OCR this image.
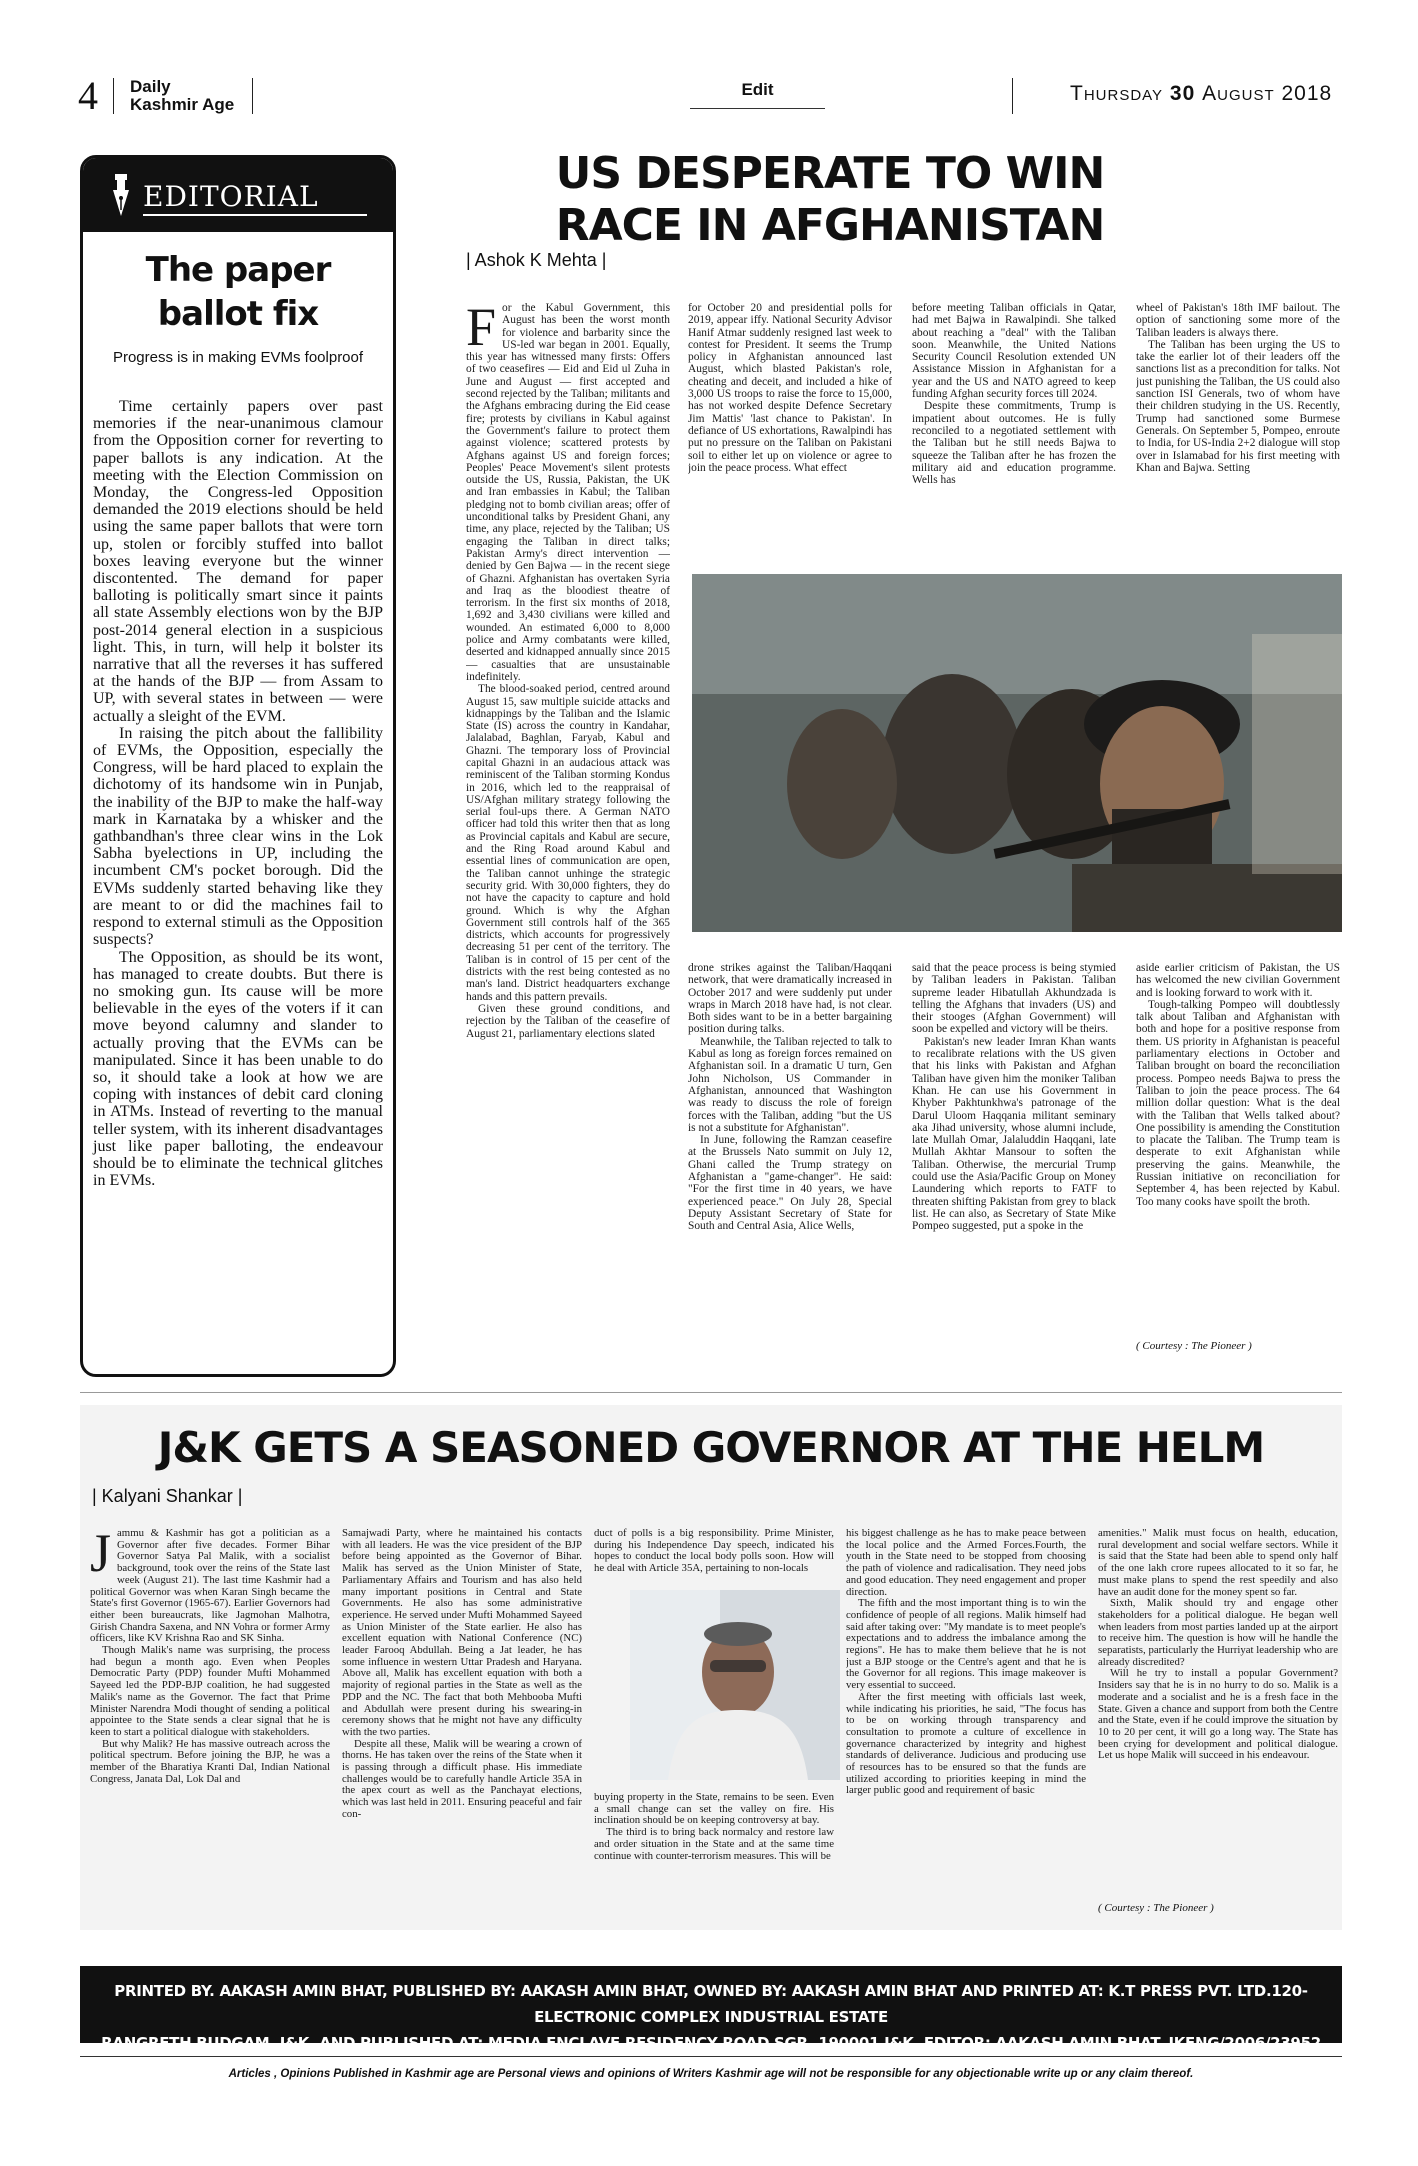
4 Daily
Kashmir Age
Edit	Thursday 30 August 2018
EDITORIAL
The paper ballot fix
Progress is in making EVMs foolproof

Time certainly papers over past memories if the near-unanimous clamour from the Opposition corner for reverting to paper ballots is any indication. At the meeting with the Election Commission on Monday, the Congress-led Opposition demanded the 2019 elections should be held using the same paper ballots that were torn up, stolen or forcibly stuffed into ballot boxes leaving everyone but the winner discontented. The demand for paper balloting is politically smart since it paints all state Assembly elections won by the BJP post-2014 general election in a suspicious light. This, in turn, will help it bolster its narrative that all the reverses it has suffered at the hands of the BJP — from Assam to UP, with several states in between — were actually a sleight of the EVM.

In raising the pitch about the fallibility of EVMs, the Opposition, especially the Congress, will be hard placed to explain the dichotomy of its handsome win in Punjab, the inability of the BJP to make the half-way mark in Karnataka by a whisker and the gathbandhan's three clear wins in the Lok Sabha byelections in UP, including the incumbent CM's pocket borough. Did the EVMs suddenly started behaving like they are meant to or did the machines fail to respond to external stimuli as the Opposition suspects?

The Opposition, as should be its wont, has managed to create doubts. But there is no smoking gun. Its cause will be more believable in the eyes of the voters if it can move beyond calumny and slander to actually proving that the EVMs can be manipulated. Since it has been unable to do so, it should take a look at how we are coping with instances of debit card cloning in ATMs. Instead of reverting to the manual teller system, with its inherent disadvantages just like paper balloting, the endeavour should be to eliminate the technical glitches in EVMs.

US DESPERATE TO WIN
RACE IN AFGHANISTAN
| Ashok K Mehta |
F or the Kabul Government, this August has been the worst month for violence and barbarity since the US-led war began in 2001. Equally, this year has witnessed many firsts: Offers of two ceasefires — Eid and Eid ul Zuha in June and August — first accepted and second rejected by the Taliban; militants and the Afghans embracing during the Eid cease fire; protests by civilians in Kabul against the Government's failure to protect them against violence; scattered protests by Afghans against US and foreign forces; Peoples' Peace Movement's silent protests outside the US, Russia, Pakistan, the UK and Iran embassies in Kabul; the Taliban pledging not to bomb civilian areas; offer of unconditional talks by President Ghani, any time, any place, rejected by the Taliban; US engaging the Taliban in direct talks; Pakistan Army's direct intervention — denied by Gen Bajwa — in the recent siege of Ghazni. Afghanistan has overtaken Syria and Iraq as the bloodiest theatre of terrorism. In the first six months of 2018, 1,692 and 3,430 civilians were killed and wounded. An estimated 6,000 to 8,000 police and Army combatants were killed, deserted and kidnapped annually since 2015 — casualties that are unsustainable indefinitely.

The blood-soaked period, centred around August 15, saw multiple suicide attacks and kidnappings by the Taliban and the Islamic State (IS) across the country in Kandahar, Jalalabad, Baghlan, Faryab, Kabul and Ghazni. The temporary loss of Provincial capital Ghazni in an audacious attack was reminiscent of the Taliban storming Kondus in 2016, which led to the reappraisal of US/Afghan military strategy following the serial foul-ups there. A German NATO officer had told this writer then that as long as Provincial capitals and Kabul are secure, and the Ring Road around Kabul and essential lines of communication are open, the Taliban cannot unhinge the strategic security grid. With 30,000 fighters, they do not have the capacity to capture and hold ground. Which is why the Afghan Government still controls half of the 365 districts, which accounts for progressively decreasing 51 per cent of the territory. The Taliban is in control of 15 per cent of the districts with the rest being contested as no man's land. District headquarters exchange hands and this pattern prevails.

Given these ground conditions, and rejection by the Taliban of the ceasefire of August 21, parliamentary elections slated

for October 20 and presidential polls for 2019, appear iffy. National Security Advisor Hanif Atmar suddenly resigned last week to contest for President. It seems the Trump policy in Afghanistan announced last August, which blasted Pakistan's role, cheating and deceit, and included a hike of 3,000 US troops to raise the force to 15,000, has not worked despite Defence Secretary Jim Mattis' 'last chance to Pakistan'. In defiance of US exhortations, Rawalpindi has put no pressure on the Taliban on Pakistani soil to either let up on violence or agree to join the peace process. What effect

before meeting Taliban officials in Qatar, had met Bajwa in Rawalpindi. She talked about reaching a "deal" with the Taliban soon. Meanwhile, the United Nations Security Council Resolution extended UN Assistance Mission in Afghanistan for a year and the US and NATO agreed to keep funding Afghan security forces till 2024.

Despite these commitments, Trump is impatient about outcomes. He is fully reconciled to a negotiated settlement with the Taliban but he still needs Bajwa to squeeze the Taliban after he has frozen the military aid and education programme. Wells has

wheel of Pakistan's 18th IMF bailout. The option of sanctioning some more of the Taliban leaders is always there.

The Taliban has been urging the US to take the earlier lot of their leaders off the sanctions list as a precondition for talks. Not just punishing the Taliban, the US could also sanction ISI Generals, two of whom have their children studying in the US. Recently, Trump had sanctioned some Burmese Generals. On September 5, Pompeo, enroute to India, for US-India 2+2 dialogue will stop over in Islamabad for his first meeting with Khan and Bajwa. Setting

drone strikes against the Taliban/Haqqani network, that were dramatically increased in October 2017 and were suddenly put under wraps in March 2018 have had, is not clear. Both sides want to be in a better bargaining position during talks.

Meanwhile, the Taliban rejected to talk to Kabul as long as foreign forces remained on Afghanistan soil. In a dramatic U turn, Gen John Nicholson, US Commander in Afghanistan, announced that Washington was ready to discuss the role of foreign forces with the Taliban, adding "but the US is not a substitute for Afghanistan".

In June, following the Ramzan ceasefire at the Brussels Nato summit on July 12, Ghani called the Trump strategy on Afghanistan a "game-changer". He said: "For the first time in 40 years, we have experienced peace." On July 28, Special Deputy Assistant Secretary of State for South and Central Asia, Alice Wells,

said that the peace process is being stymied by Taliban leaders in Pakistan. Taliban supreme leader Hibatullah Akhundzada is telling the Afghans that invaders (US) and their stooges (Afghan Government) will soon be expelled and victory will be theirs.

Pakistan's new leader Imran Khan wants to recalibrate relations with the US given that his links with Pakistan and Afghan Taliban have given him the moniker Taliban Khan. He can use his Government in Khyber Pakhtunkhwa's patronage of the Darul Uloom Haqqania militant seminary aka Jihad university, whose alumni include, late Mullah Omar, Jalaluddin Haqqani, late Mullah Akhtar Mansour to soften the Taliban. Otherwise, the mercurial Trump could use the Asia/Pacific Group on Money Laundering which reports to FATF to threaten shifting Pakistan from grey to black list. He can also, as Secretary of State Mike Pompeo suggested, put a spoke in the

aside earlier criticism of Pakistan, the US has welcomed the new civilian Government and is looking forward to work with it.

Tough-talking Pompeo will doubtlessly talk about Taliban and Afghanistan with both and hope for a positive response from them. US priority in Afghanistan is peaceful parliamentary elections in October and Taliban brought on board the reconciliation process. Pompeo needs Bajwa to press the Taliban to join the peace process. The 64 million dollar question: What is the deal with the Taliban that Wells talked about? One possibility is amending the Constitution to placate the Taliban. The Trump team is desperate to exit Afghanistan while preserving the gains. Meanwhile, the Russian initiative on reconciliation for September 4, has been rejected by Kabul. Too many cooks have spoilt the broth.

( Courtesy : The Pioneer )
J&K GETS A SEASONED GOVERNOR AT THE HELM
| Kalyani Shankar |
J ammu & Kashmir has got a politician as a Governor after five decades. Former Bihar Governor Satya Pal Malik, with a socialist background, took over the reins of the State last week (August 21). The last time Kashmir had a political Governor was when Karan Singh became the State's first Governor (1965-67). Earlier Governors had either been bureaucrats, like Jagmohan Malhotra, Girish Chandra Saxena, and NN Vohra or former Army officers, like KV Krishna Rao and SK Sinha.

Though Malik's name was surprising, the process had begun a month ago. Even when Peoples Democratic Party (PDP) founder Mufti Mohammed Sayeed led the PDP-BJP coalition, he had suggested Malik's name as the Governor. The fact that Prime Minister Narendra Modi thought of sending a political appointee to the State sends a clear signal that he is keen to start a political dialogue with stakeholders.

But why Malik? He has massive outreach across the political spectrum. Before joining the BJP, he was a member of the Bharatiya Kranti Dal, Indian National Congress, Janata Dal, Lok Dal and

Samajwadi Party, where he maintained his contacts with all leaders. He was the vice president of the BJP before being appointed as the Governor of Bihar. Malik has served as the Union Minister of State, Parliamentary Affairs and Tourism and has also held many important positions in Central and State Governments. He also has some administrative experience. He served under Mufti Mohammed Sayeed as Union Minister of the State earlier. He also has excellent equation with National Conference (NC) leader Farooq Abdullah. Being a Jat leader, he has some influence in western Uttar Pradesh and Haryana. Above all, Malik has excellent equation with both a majority of regional parties in the State as well as the PDP and the NC. The fact that both Mehbooba Mufti and Abdullah were present during his swearing-in ceremony shows that he might not have any difficulty with the two parties.

Despite all these, Malik will be wearing a crown of thorns. He has taken over the reins of the State when it is passing through a difficult phase. His immediate challenges would be to carefully handle Article 35A in the apex court as well as the Panchayat elections, which was last held in 2011. Ensuring peaceful and fair con-

duct of polls is a big responsibility. Prime Minister, during his Independence Day speech, indicated his hopes to conduct the local body polls soon. How will he deal with Article 35A, pertaining to non-locals

buying property in the State, remains to be seen. Even a small change can set the valley on fire. His inclination should be on keeping controversy at bay.

The third is to bring back normalcy and restore law and order situation in the State and at the same time continue with counter-terrorism measures. This will be

his biggest challenge as he has to make peace between the local police and the Armed Forces.Fourth, the youth in the State need to be stopped from choosing the path of violence and radicalisation. They need jobs and good education. They need engagement and proper direction.

The fifth and the most important thing is to win the confidence of people of all regions. Malik himself had said after taking over: "My mandate is to meet people's expectations and to address the imbalance among the regions". He has to make them believe that he is not just a BJP stooge or the Centre's agent and that he is the Governor for all regions. This image makeover is very essential to succeed.

After the first meeting with officials last week, while indicating his priorities, he said, "The focus has to be on working through transparency and consultation to promote a culture of excellence in governance characterized by integrity and highest standards of deliverance. Judicious and producing use of resources has to be ensured so that the funds are utilized according to priorities keeping in mind the larger public good and requirement of basic

amenities." Malik must focus on health, education, rural development and social welfare sectors. While it is said that the State had been able to spend only half of the one lakh crore rupees allocated to it so far, he must make plans to spend the rest speedily and also have an audit done for the money spent so far.

Sixth, Malik should try and engage other stakeholders for a political dialogue. He began well when leaders from most parties landed up at the airport to receive him. The question is how will he handle the separatists, particularly the Hurriyat leadership who are already discredited?

Will he try to install a popular Government? Insiders say that he is in no hurry to do so. Malik is a moderate and a socialist and he is a fresh face in the State. Given a chance and support from both the Centre and the State, even if he could improve the situation by 10 to 20 per cent, it will go a long way. The State has been crying for development and political dialogue. Let us hope Malik will succeed in his endeavour.

( Courtesy : The Pioneer )
PRINTED BY. AAKASH AMIN BHAT, PUBLISHED BY: AAKASH AMIN BHAT, OWNED BY: AAKASH AMIN BHAT AND PRINTED AT: K.T PRESS PVT. LTD.120- ELECTRONIC COMPLEX INDUSTRIAL ESTATE
RANGRETH BUDGAM, J&K. AND PUBLISHED AT: MEDIA ENCLAVE RESIDENCY ROAD SGR. 190001 J&K. EDITOR: AAKASH AMIN BHAT, JKENG/2006/23952
Articles , Opinions Published in Kashmir age are Personal views and opinions of Writers Kashmir age will not be responsible for any objectionable write up or any claim thereof.
